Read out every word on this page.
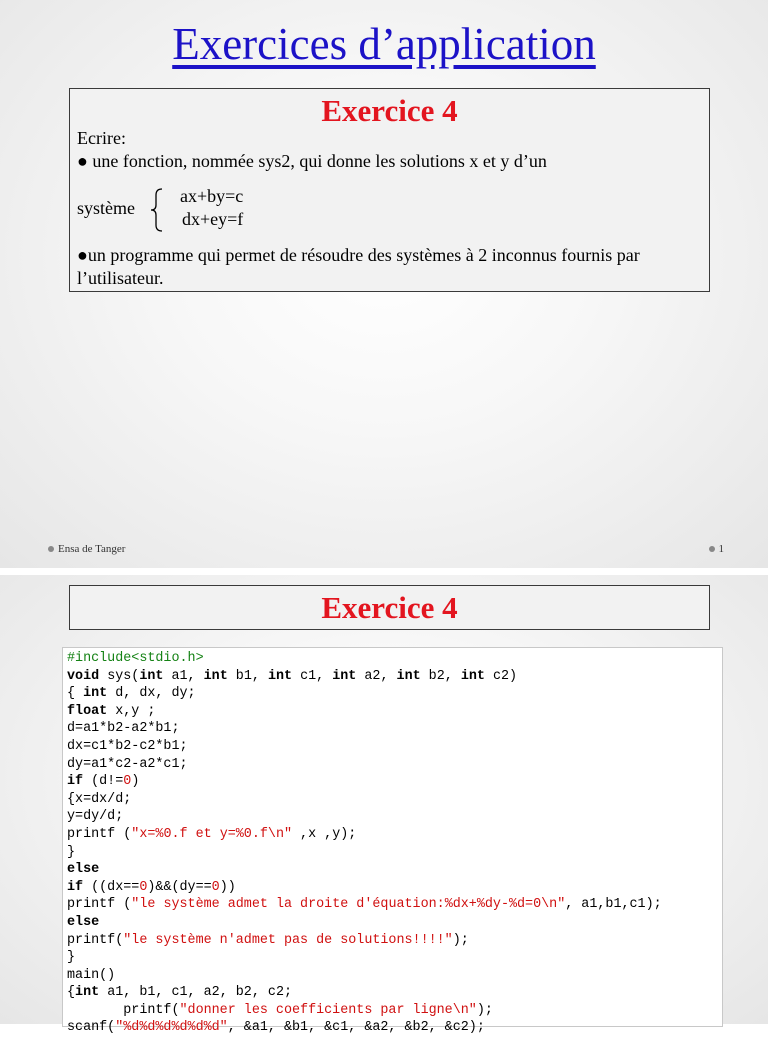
Exercices d’application
Exercice 4
Ecrire:
● une fonction, nommée sys2, qui donne les solutions x et y d’un
système
ax+by=c
dx+ey=f
●un programme qui permet de résoudre des systèmes à 2 inconnus fournis par l’utilisateur.
Ensa de Tanger	1
Exercice 4
#include<stdio.h>
void sys(int a1, int b1, int c1, int a2, int b2, int c2)
{ int d, dx, dy;
float x,y ;
d=a1*b2-a2*b1;
dx=c1*b2-c2*b1;
dy=a1*c2-a2*c1;
if (d!=0)
{x=dx/d;
y=dy/d;
printf ("x=%0.f et y=%0.f\n" ,x ,y);
}
else
if ((dx==0)&&(dy==0))
printf ("le système admet la droite d'équation:%dx+%dy-%d=0\n", a1,b1,c1);
else
printf("le système n'admet pas de solutions!!!!");
}
main()
{int a1, b1, c1, a2, b2, c2;
printf("donner les coefficients par ligne\n");
scanf("%d%d%d%d%d%d", &a1, &b1, &c1, &a2, &b2, &c2);
